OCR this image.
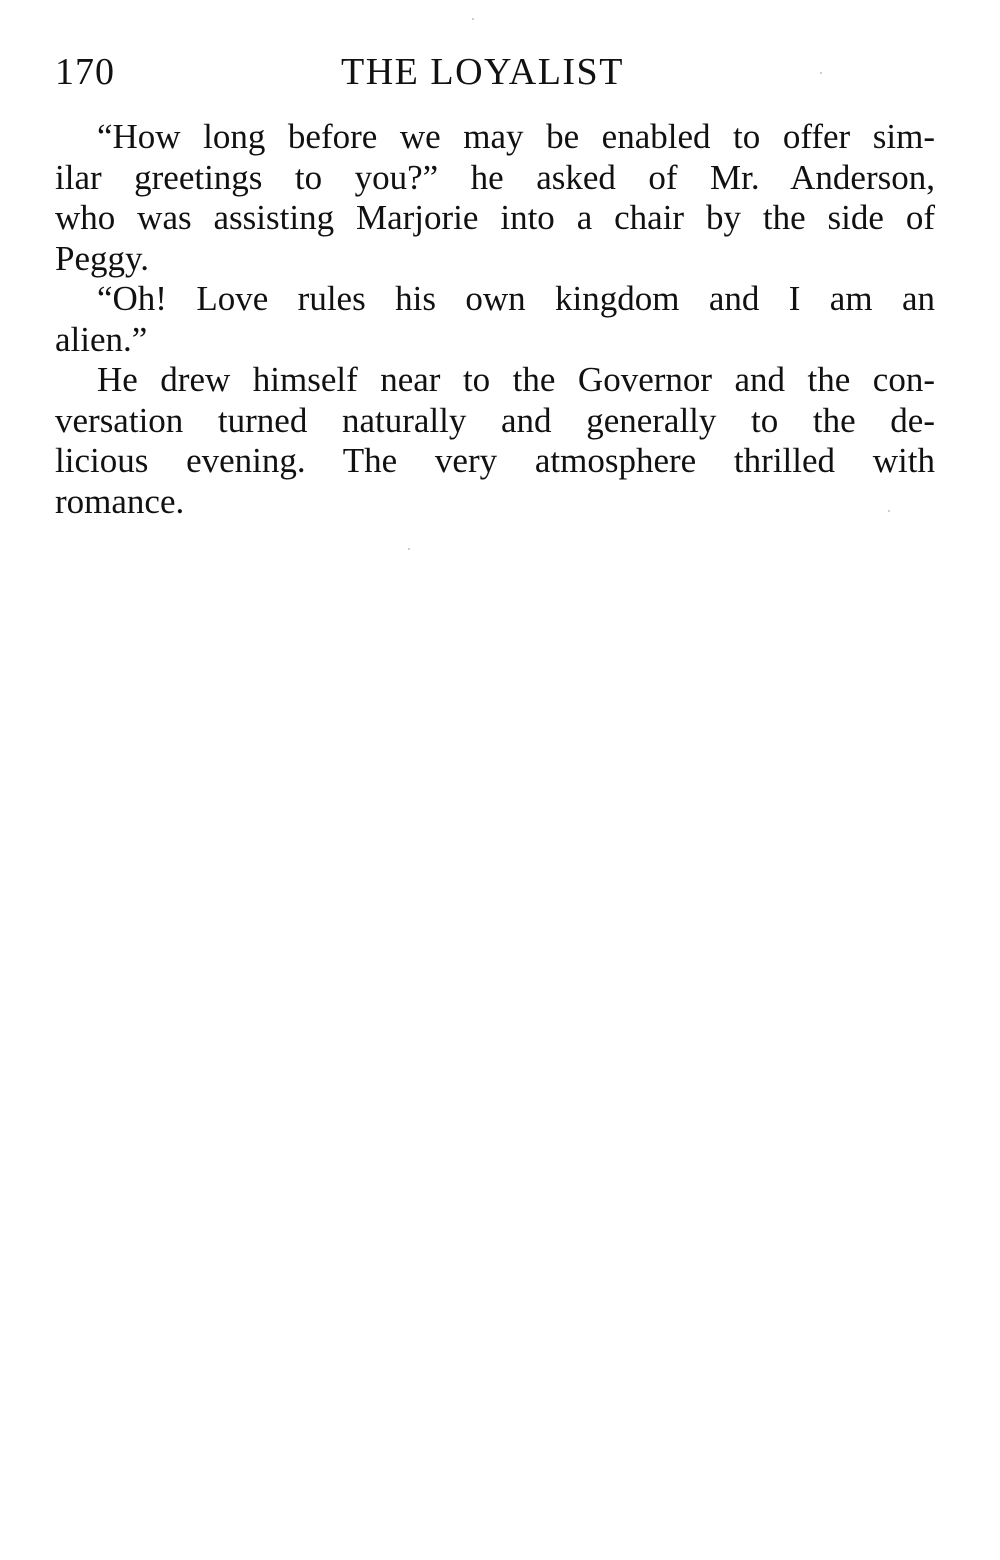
170	THE LOYALIST
“How long before we may be enabled to offer sim-
ilar greetings to you?” he asked of Mr. Anderson,
who was assisting Marjorie into a chair by the side of
Peggy.
“Oh! Love rules his own kingdom and I am an
alien.”
He drew himself near to the Governor and the con-
versation turned naturally and generally to the de-
licious evening. The very atmosphere thrilled with
romance.
